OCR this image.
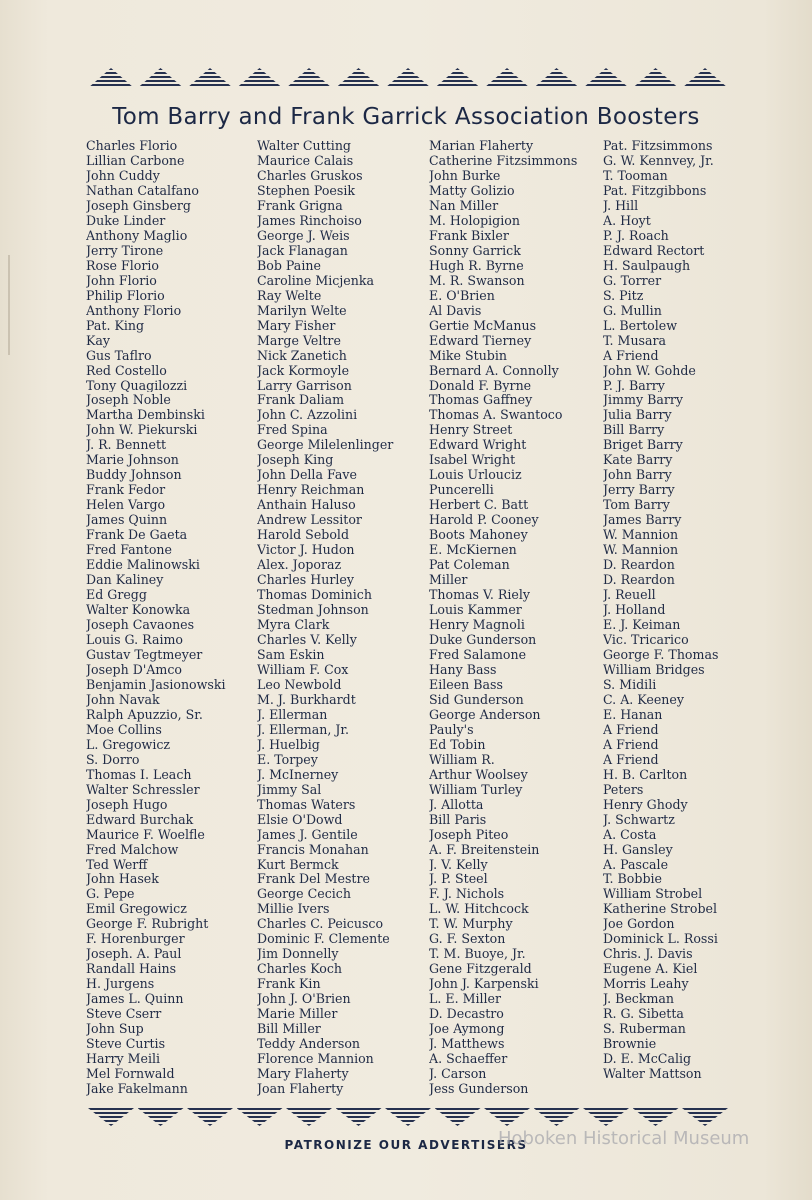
Tom Barry and Frank Garrick Association Boosters
Charles Florio
Lillian Carbone
John Cuddy
Nathan Catalfano
Joseph Ginsberg
Duke Linder
Anthony Maglio
Jerry Tirone
Rose Florio
John Florio
Philip Florio
Anthony Florio
Pat. King
Kay
Gus Taflro
Red Costello
Tony Quagilozzi
Joseph Noble
Martha Dembinski
John W. Piekurski
J. R. Bennett
Marie Johnson
Buddy Johnson
Frank Fedor
Helen Vargo
James Quinn
Frank De Gaeta
Fred Fantone
Eddie Malinowski
Dan Kaliney
Ed Gregg
Walter Konowka
Joseph Cavaones
Louis G. Raimo
Gustav Tegtmeyer
Joseph D'Amco
Benjamin Jasionowski
John Navak
Ralph Apuzzio, Sr.
Moe Collins
L. Gregowicz
S. Dorro
Thomas I. Leach
Walter Schressler
Joseph Hugo
Edward Burchak
Maurice F. Woelfle
Fred Malchow
Ted Werff
John Hasek
G. Pepe
Emil Gregowicz
George F. Rubright
F. Horenburger
Joseph. A. Paul
Randall Hains
H. Jurgens
James L. Quinn
Steve Cserr
John Sup
Steve Curtis
Harry Meili
Mel Fornwald
Jake Fakelmann
Walter Cutting
Maurice Calais
Charles Gruskos
Stephen Poesik
Frank Grigna
James Rinchoiso
George J. Weis
Jack Flanagan
Bob Paine
Caroline Micjenka
Ray Welte
Marilyn Welte
Mary Fisher
Marge Veltre
Nick Zanetich
Jack Kormoyle
Larry Garrison
Frank Daliam
John C. Azzolini
Fred Spina
George Milelenlinger
Joseph King
John Della Fave
Henry Reichman
Anthain Haluso
Andrew Lessitor
Harold Sebold
Victor J. Hudon
Alex. Joporaz
Charles Hurley
Thomas Dominich
Stedman Johnson
Myra Clark
Charles V. Kelly
Sam Eskin
William F. Cox
Leo Newbold
M. J. Burkhardt
J. Ellerman
J. Ellerman, Jr.
J. Huelbig
E. Torpey
J. McInerney
Jimmy Sal
Thomas Waters
Elsie O'Dowd
James J. Gentile
Francis Monahan
Kurt Bermck
Frank Del Mestre
George Cecich
Millie Ivers
Charles C. Peicusco
Dominic F. Clemente
Jim Donnelly
Charles Koch
Frank Kin
John J. O'Brien
Marie Miller
Bill Miller
Teddy Anderson
Florence Mannion
Mary Flaherty
Joan Flaherty
Marian Flaherty
Catherine Fitzsimmons
John Burke
Matty Golizio
Nan Miller
M. Holopigion
Frank Bixler
Sonny Garrick
Hugh R. Byrne
M. R. Swanson
E. O'Brien
Al Davis
Gertie McManus
Edward Tierney
Mike Stubin
Bernard A. Connolly
Donald F. Byrne
Thomas Gaffney
Thomas A. Swantoco
Henry Street
Edward Wright
Isabel Wright
Louis Urlouciz
Puncerelli
Herbert C. Batt
Harold P. Cooney
Boots Mahoney
E. McKiernen
Pat Coleman
Miller
Thomas V. Riely
Louis Kammer
Henry Magnoli
Duke Gunderson
Fred Salamone
Hany Bass
Eileen Bass
Sid Gunderson
George Anderson
Pauly's
Ed Tobin
William R.
Arthur Woolsey
William Turley
J. Allotta
Bill Paris
Joseph Piteo
A. F. Breitenstein
J. V. Kelly
J. P. Steel
F. J. Nichols
L. W. Hitchcock
T. W. Murphy
G. F. Sexton
T. M. Buoye, Jr.
Gene Fitzgerald
John J. Karpenski
L. E. Miller
D. Decastro
Joe Aymong
J. Matthews
A. Schaeffer
J. Carson
Jess Gunderson
Pat. Fitzsimmons
G. W. Kennvey, Jr.
T. Tooman
Pat. Fitzgibbons
J. Hill
A. Hoyt
P. J. Roach
Edward Rectort
H. Saulpaugh
G. Torrer
S. Pitz
G. Mullin
L. Bertolew
T. Musara
A Friend
John W. Gohde
P. J. Barry
Jimmy Barry
Julia Barry
Bill Barry
Briget Barry
Kate Barry
John Barry
Jerry Barry
Tom Barry
James Barry
W. Mannion
W. Mannion
D. Reardon
D. Reardon
J. Reuell
J. Holland
E. J. Keiman
Vic. Tricarico
George F. Thomas
William Bridges
S. Midili
C. A. Keeney
E. Hanan
A Friend
A Friend
A Friend
H. B. Carlton
Peters
Henry Ghody
J. Schwartz
A. Costa
H. Gansley
A. Pascale
T. Bobbie
William Strobel
Katherine Strobel
Joe Gordon
Dominick L. Rossi
Chris. J. Davis
Eugene A. Kiel
Morris Leahy
J. Beckman
R. G. Sibetta
S. Ruberman
Brownie
D. E. McCalig
Walter Mattson
PATRONIZE OUR ADVERTISERS
Hoboken Historical Museum
